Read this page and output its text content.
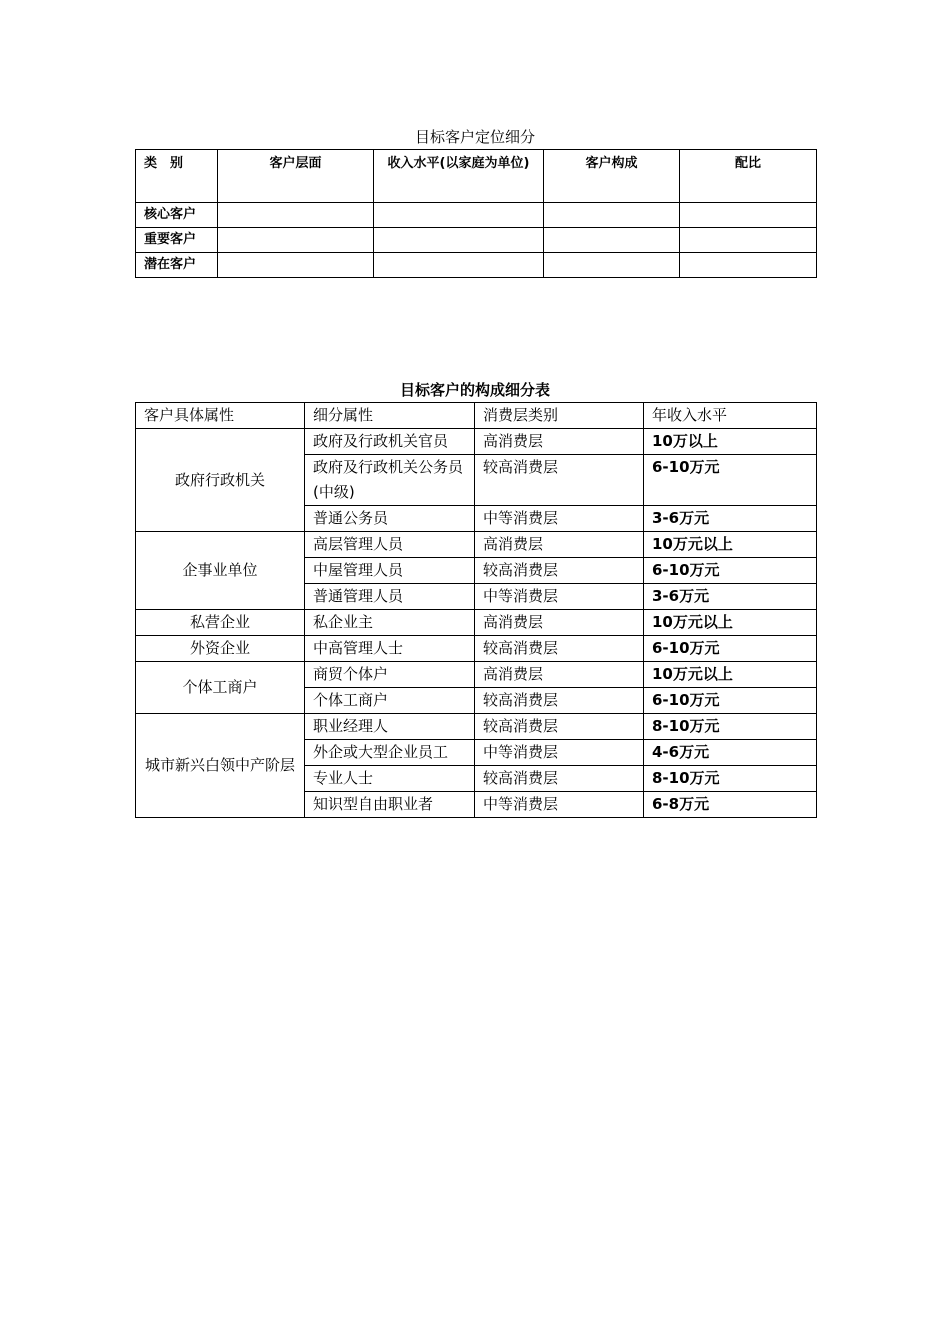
目标客户定位细分
类　别	客户层面	收入水平(以家庭为单位)	客户构成	配比
核心客户				
重要客户				
潜在客户				
目标客户的构成细分表
客户具体属性	细分属性	消费层类别	年收入水平
政府行政机关	政府及行政机关官员	高消费层	10万以上
	政府及行政机关公务员(中级)	较高消费层	6-10万元
	普通公务员	中等消费层	3-6万元
企事业单位	高层管理人员	高消费层	10万元以上
	中屋管理人员	较高消费层	6-10万元
	普通管理人员	中等消费层	3-6万元
私营企业	私企业主	高消费层	10万元以上
外资企业	中高管理人士	较高消费层	6-10万元
个体工商户	商贸个体户	高消费层	10万元以上
	个体工商户	较高消费层	6-10万元
城市新兴白领中产阶层	职业经理人	较高消费层	8-10万元
	外企或大型企业员工	中等消费层	4-6万元
	专业人士	较高消费层	8-10万元
	知识型自由职业者	中等消费层	6-8万元
